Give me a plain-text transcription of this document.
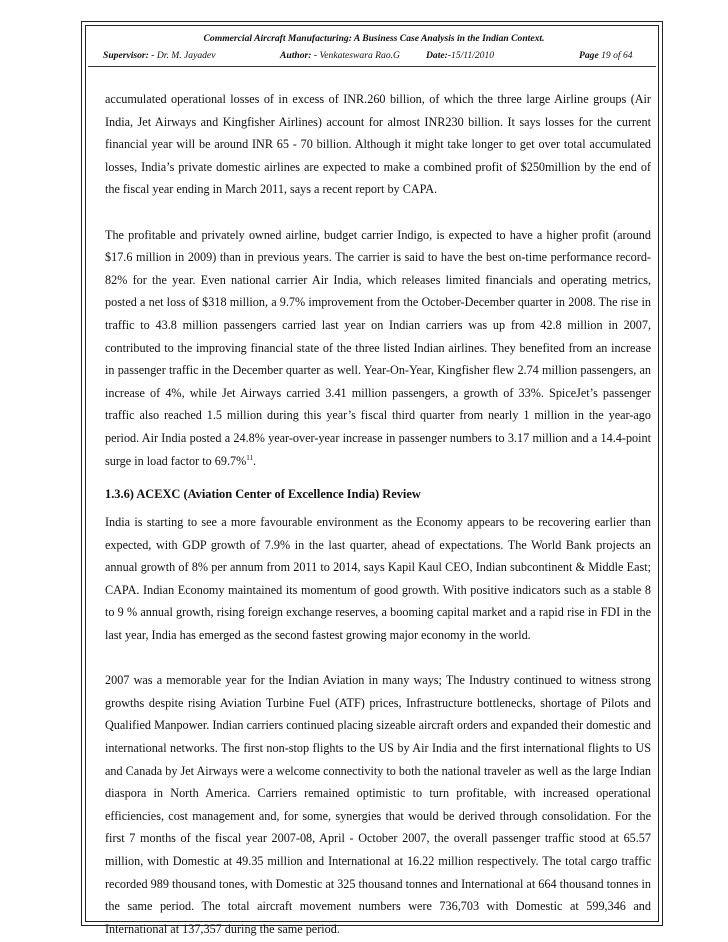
Commercial Aircraft Manufacturing: A Business Case Analysis in the Indian Context.
Supervisor: - Dr. M. Jayadev	Author: - Venkateswara Rao.G	Date:-15/11/2010	Page 19 of 64

accumulated operational losses of in excess of INR.260 billion, of which the three large Airline groups (Air India, Jet Airways and Kingfisher Airlines) account for almost INR230 billion. It says losses for the current financial year will be around INR 65 - 70 billion. Although it might take longer to get over total accumulated losses, India’s private domestic airlines are expected to make a combined profit of $250million by the end of the fiscal year ending in March 2011, says a recent report by CAPA.

The profitable and privately owned airline, budget carrier Indigo, is expected to have a higher profit (around $17.6 million in 2009) than in previous years. The carrier is said to have the best on-time performance record-82% for the year. Even national carrier Air India, which releases limited financials and operating metrics, posted a net loss of $318 million, a 9.7% improvement from the October-December quarter in 2008. The rise in traffic to 43.8 million passengers carried last year on Indian carriers was up from 42.8 million in 2007, contributed to the improving financial state of the three listed Indian airlines. They benefited from an increase in passenger traffic in the December quarter as well. Year-On-Year, Kingfisher flew 2.74 million passengers, an increase of 4%, while Jet Airways carried 3.41 million passengers, a growth of 33%. SpiceJet’s passenger traffic also reached 1.5 million during this year’s fiscal third quarter from nearly 1 million in the year-ago period. Air India posted a 24.8% year-over-year increase in passenger numbers to 3.17 million and a 14.4-point surge in load factor to 69.7%$^{11}$.

1.3.6) ACEXC (Aviation Center of Excellence India) Review

India is starting to see a more favourable environment as the Economy appears to be recovering earlier than expected, with GDP growth of 7.9% in the last quarter, ahead of expectations. The World Bank projects an annual growth of 8% per annum from 2011 to 2014, says Kapil Kaul CEO, Indian subcontinent & Middle East; CAPA. Indian Economy maintained its momentum of good growth. With positive indicators such as a stable 8 to 9 % annual growth, rising foreign exchange reserves, a booming capital market and a rapid rise in FDI in the last year, India has emerged as the second fastest growing major economy in the world.

2007 was a memorable year for the Indian Aviation in many ways; The Industry continued to witness strong growths despite rising Aviation Turbine Fuel (ATF) prices, Infrastructure bottlenecks, shortage of Pilots and Qualified Manpower. Indian carriers continued placing sizeable aircraft orders and expanded their domestic and international networks. The first non-stop flights to the US by Air India and the first international flights to US and Canada by Jet Airways were a welcome connectivity to both the national traveler as well as the large Indian diaspora in North America. Carriers remained optimistic to turn profitable, with increased operational efficiencies, cost management and, for some, synergies that would be derived through consolidation. For the first 7 months of the fiscal year 2007-08, April - October 2007, the overall passenger traffic stood at 65.57 million, with Domestic at 49.35 million and International at 16.22 million respectively. The total cargo traffic recorded 989 thousand tones, with Domestic at 325 thousand tonnes and International at 664 thousand tonnes in the same period. The total aircraft movement numbers were 736,703 with Domestic at 599,346 and International at 137,357 during the same period.
